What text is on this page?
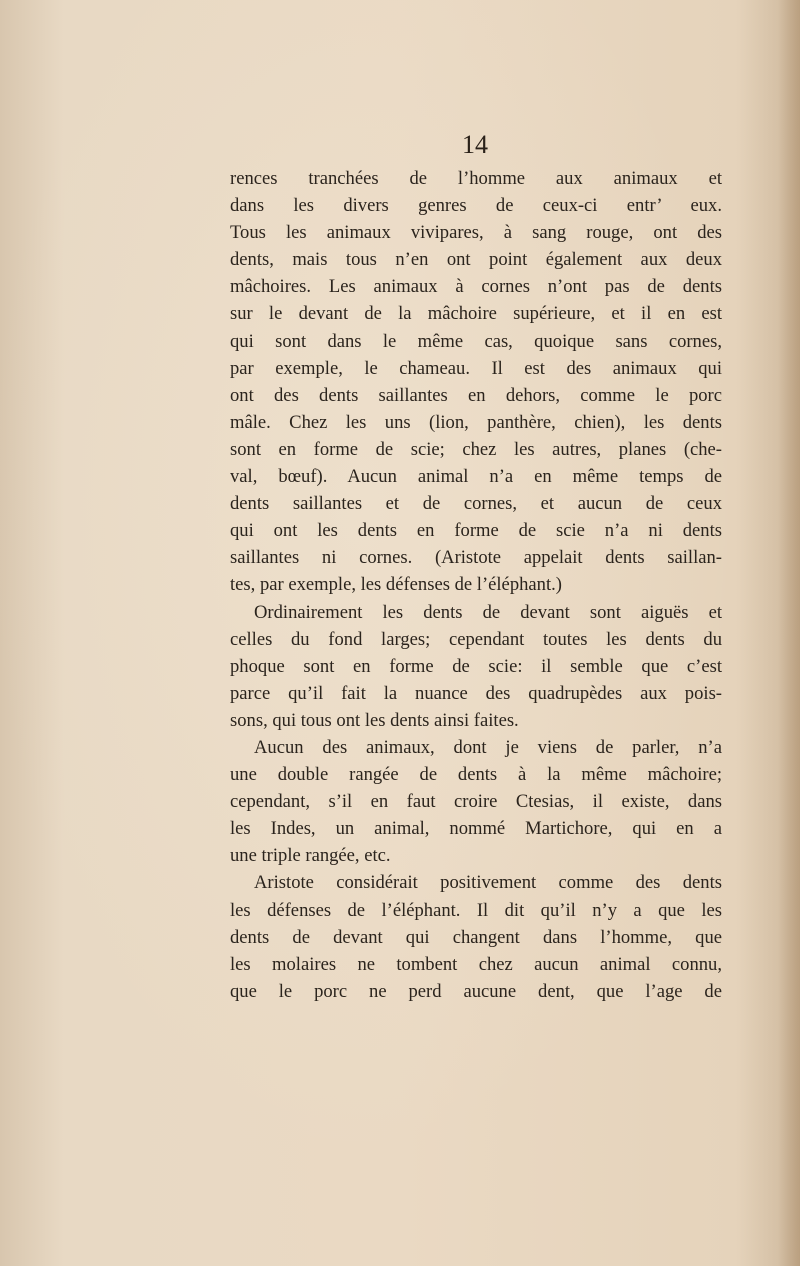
14
rences tranchées de l’homme aux animaux et
dans les divers genres de ceux-ci entr’ eux.
Tous les animaux vivipares, à sang rouge, ont des
dents, mais tous n’en ont point également aux deux
mâchoires. Les animaux à cornes n’ont pas de dents
sur le devant de la mâchoire supérieure, et il en est
qui sont dans le même cas, quoique sans cornes,
par exemple, le chameau. Il est des animaux qui
ont des dents saillantes en dehors, comme le porc
mâle. Chez les uns (lion, panthère, chien), les dents
sont en forme de scie; chez les autres, planes (che-
val, bœuf). Aucun animal n’a en même temps de
dents saillantes et de cornes, et aucun de ceux
qui ont les dents en forme de scie n’a ni dents
saillantes ni cornes. (Aristote appelait dents saillan-
tes, par exemple, les défenses de l’éléphant.)
Ordinairement les dents de devant sont aiguës et
celles du fond larges; cependant toutes les dents du
phoque sont en forme de scie: il semble que c’est
parce qu’il fait la nuance des quadrupèdes aux pois-
sons, qui tous ont les dents ainsi faites.
Aucun des animaux, dont je viens de parler, n’a
une double rangée de dents à la même mâchoire;
cependant, s’il en faut croire Ctesias, il existe, dans
les Indes, un animal, nommé Martichore, qui en a
une triple rangée, etc.
Aristote considérait positivement comme des dents
les défenses de l’éléphant. Il dit qu’il n’y a que les
dents de devant qui changent dans l’homme, que
les molaires ne tombent chez aucun animal connu,
que le porc ne perd aucune dent, que l’age de
